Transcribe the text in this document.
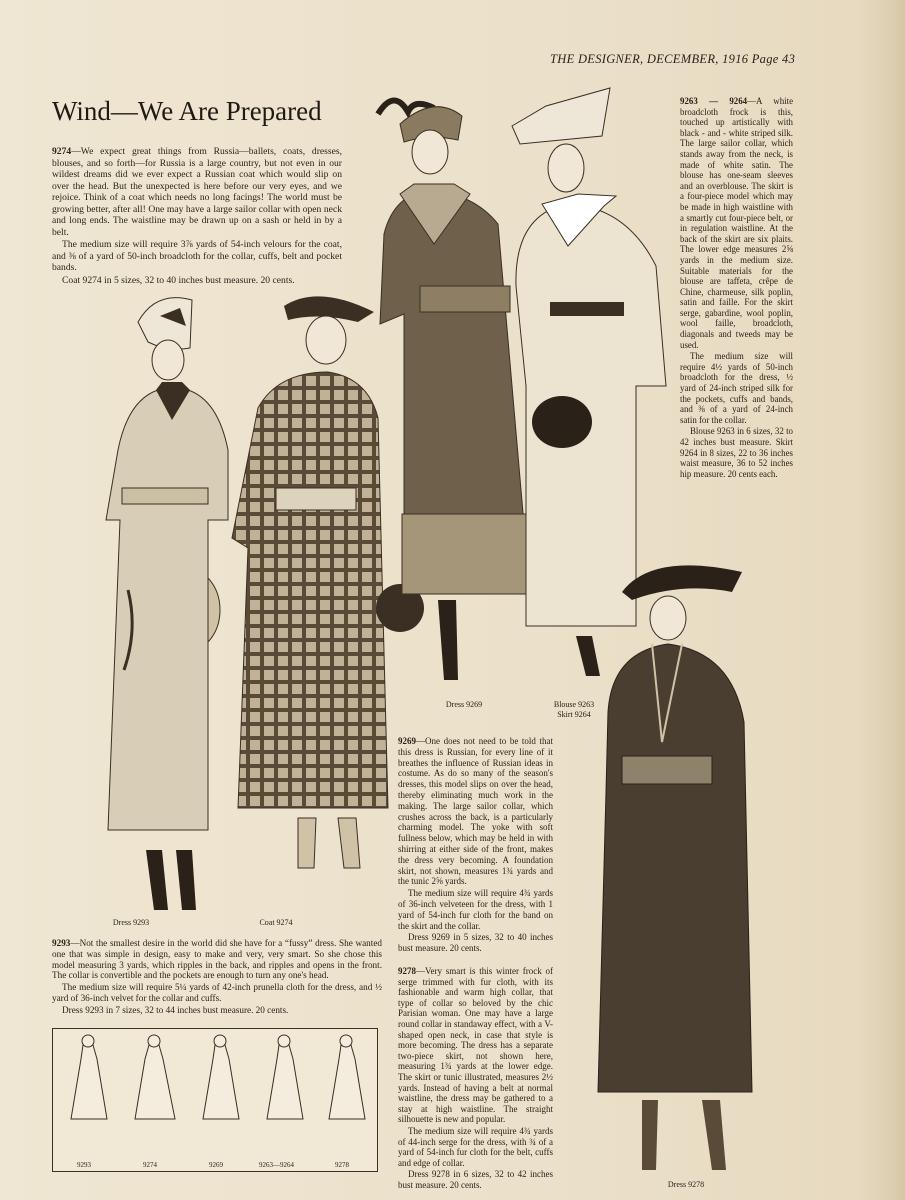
THE DESIGNER, DECEMBER, 1916 Page 43
Wind—We Are Prepared

9274—We expect great things from Russia—ballets, coats, dresses, blouses, and so forth—for Russia is a large country, but not even in our wildest dreams did we ever expect a Russian coat which would slip on over the head. But the unexpected is here before our very eyes, and we rejoice. Think of a coat which needs no long facings! The world must be growing better, after all! One may have a large sailor collar with open neck and long ends. The waistline may be drawn up on a sash or held in by a belt.

The medium size will require 3⅞ yards of 54-inch velours for the coat, and ⅜ of a yard of 50-inch broadcloth for the collar, cuffs, belt and pocket bands.

Coat 9274 in 5 sizes, 32 to 40 inches bust measure. 20 cents.

9263 — 9264—A white broadcloth frock is this, touched up artistically with black - and - white striped silk. The large sailor collar, which stands away from the neck, is made of white satin. The blouse has one-seam sleeves and an overblouse. The skirt is a four-piece model which may be made in high waistline with a smartly cut four-piece belt, or in regulation waistline. At the back of the skirt are six plaits. The lower edge measures 2⅝ yards in the medium size. Suitable materials for the blouse are taffeta, crêpe de Chine, charmeuse, silk poplin, satin and faille. For the skirt serge, gabardine, wool poplin, wool faille, broadcloth, diagonals and tweeds may be used.

The medium size will require 4½ yards of 50-inch broadcloth for the dress, ½ yard of 24-inch striped silk for the pockets, cuffs and bands, and ⅜ of a yard of 24-inch satin for the collar.

Blouse 9263 in 6 sizes, 32 to 42 inches bust measure. Skirt 9264 in 8 sizes, 22 to 36 inches waist measure, 36 to 52 inches hip measure. 20 cents each.

9269—One does not need to be told that this dress is Russian, for every line of it breathes the influence of Russian ideas in costume. As do so many of the season's dresses, this model slips on over the head, thereby eliminating much work in the making. The large sailor collar, which crushes across the back, is a particularly charming model. The yoke with soft fullness below, which may be held in with shirring at either side of the front, makes the dress very becoming. A foundation skirt, not shown, measures 1¾ yards and the tunic 2⅝ yards.

The medium size will require 4¾ yards of 36-inch velveteen for the dress, with 1 yard of 54-inch fur cloth for the band on the skirt and the collar.

Dress 9269 in 5 sizes, 32 to 40 inches bust measure. 20 cents.

9278—Very smart is this winter frock of serge trimmed with fur cloth, with its fashionable and warm high collar, that type of collar so beloved by the chic Parisian woman. One may have a large round collar in standaway effect, with a V-shaped open neck, in case that style is more becoming. The dress has a separate two-piece skirt, not shown here, measuring 1¾ yards at the lower edge. The skirt or tunic illustrated, measures 2½ yards. Instead of having a belt at normal waistline, the dress may be gathered to a stay at high waistline. The straight silhouette is new and popular.

The medium size will require 4¾ yards of 44-inch serge for the dress, with ¾ of a yard of 54-inch fur cloth for the belt, cuffs and edge of collar.

Dress 9278 in 6 sizes, 32 to 42 inches bust measure. 20 cents.

9293—Not the smallest desire in the world did she have for a “fussy” dress. She wanted one that was simple in design, easy to make and very, very smart. So she chose this model measuring 3 yards, which ripples in the back, and ripples and opens in the front. The collar is convertible and the pockets are enough to turn any one's head.

The medium size will require 5¼ yards of 42-inch prunella cloth for the dress, and ½ yard of 36-inch velvet for the collar and cuffs.

Dress 9293 in 7 sizes, 32 to 44 inches bust measure. 20 cents.

Dress 9293	Coat 9274
Dress 9269	Blouse 9263
Skirt 9264
Dress 9278
9293	9274	9269	9263—9264	9278
